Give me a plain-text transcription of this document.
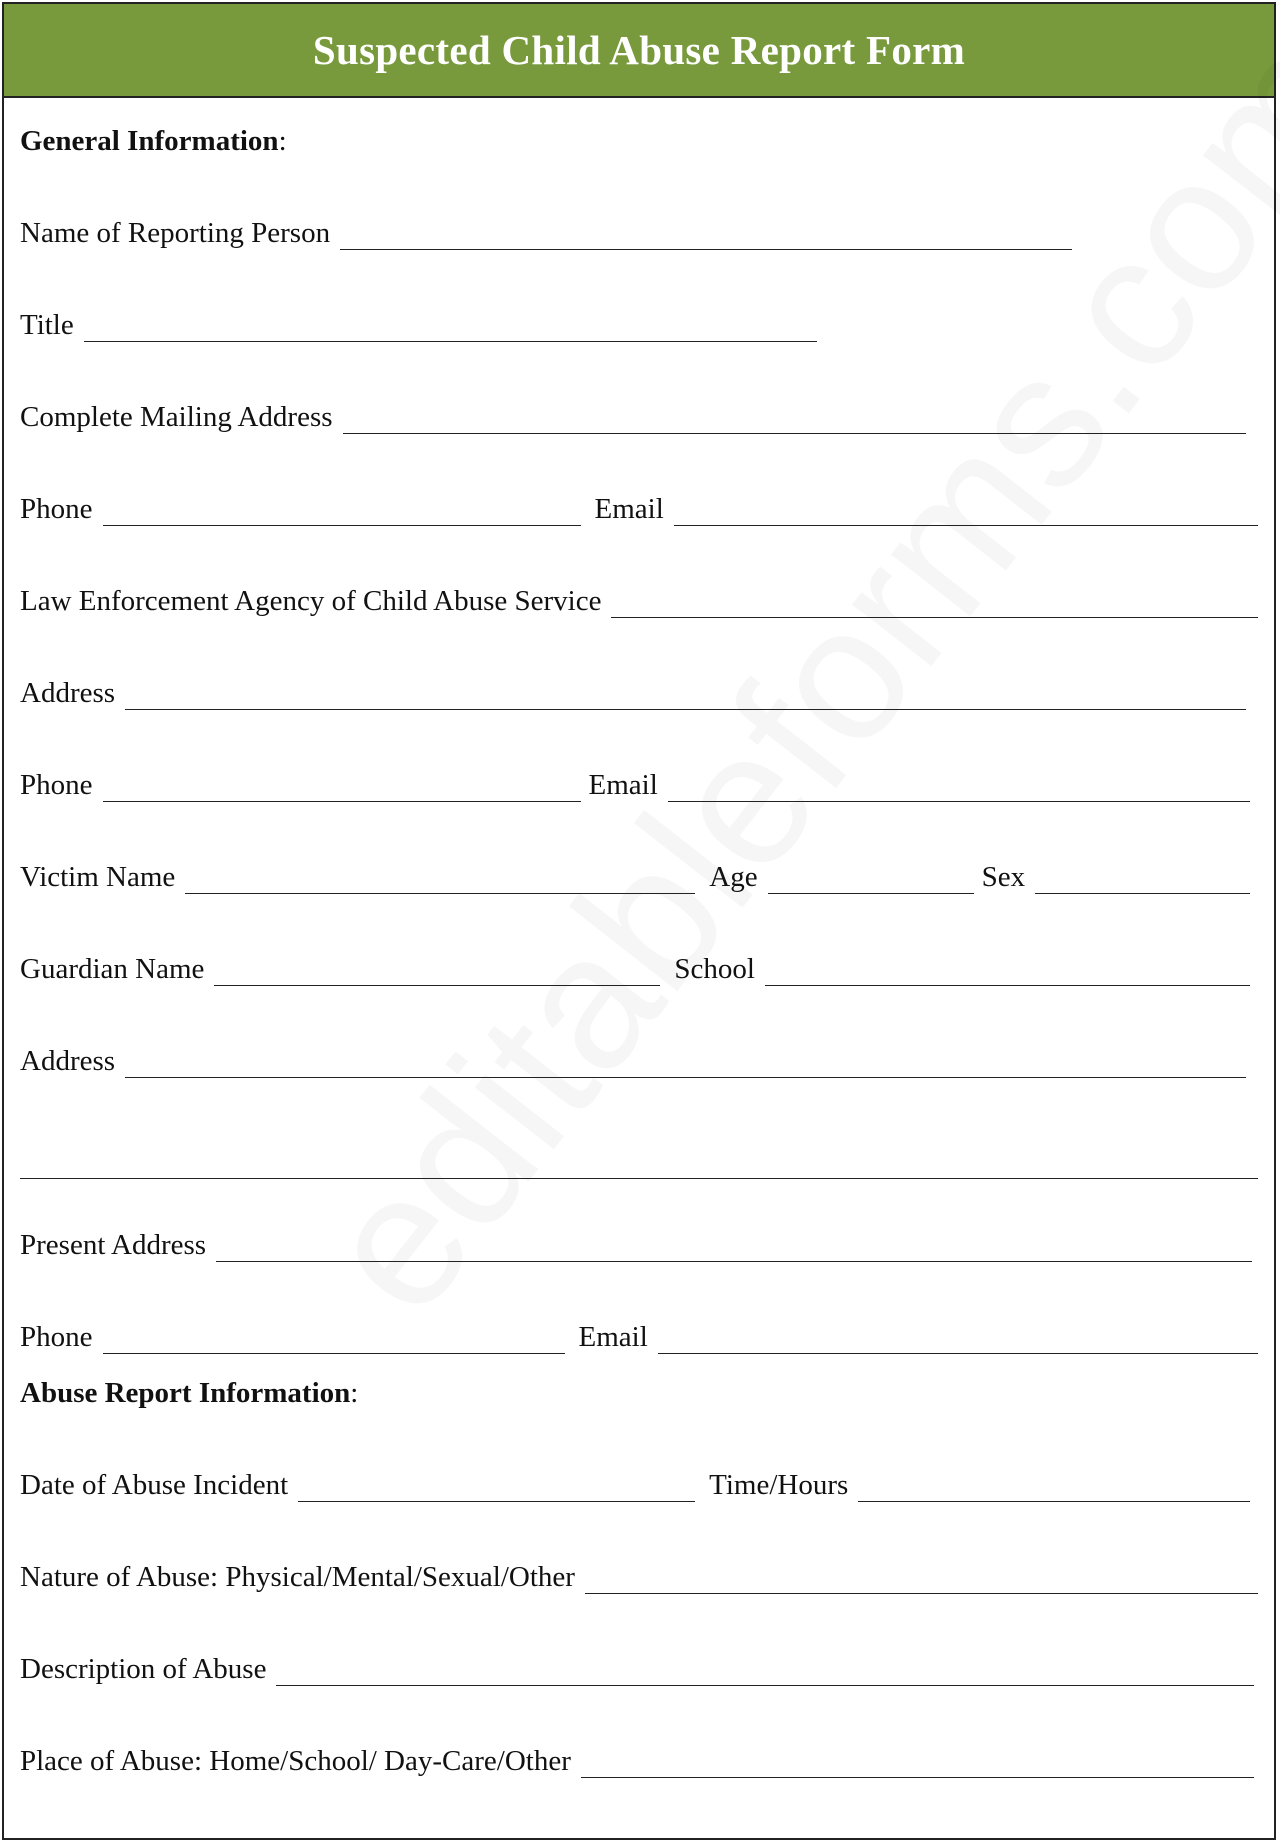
Suspected Child Abuse Report Form
General Information :
Name of Reporting Person
Title
Complete Mailing Address
Phone	Email
Law Enforcement Agency of Child Abuse Service
Address
Phone	Email
Victim Name	Age	Sex
Guardian Name	School
Address
Present Address
Phone	Email
Abuse Report Information :
Date of Abuse Incident	Time/Hours
Nature of Abuse: Physical/Mental/Sexual/Other
Description of Abuse
Place of Abuse: Home/School/ Day-Care/Other
